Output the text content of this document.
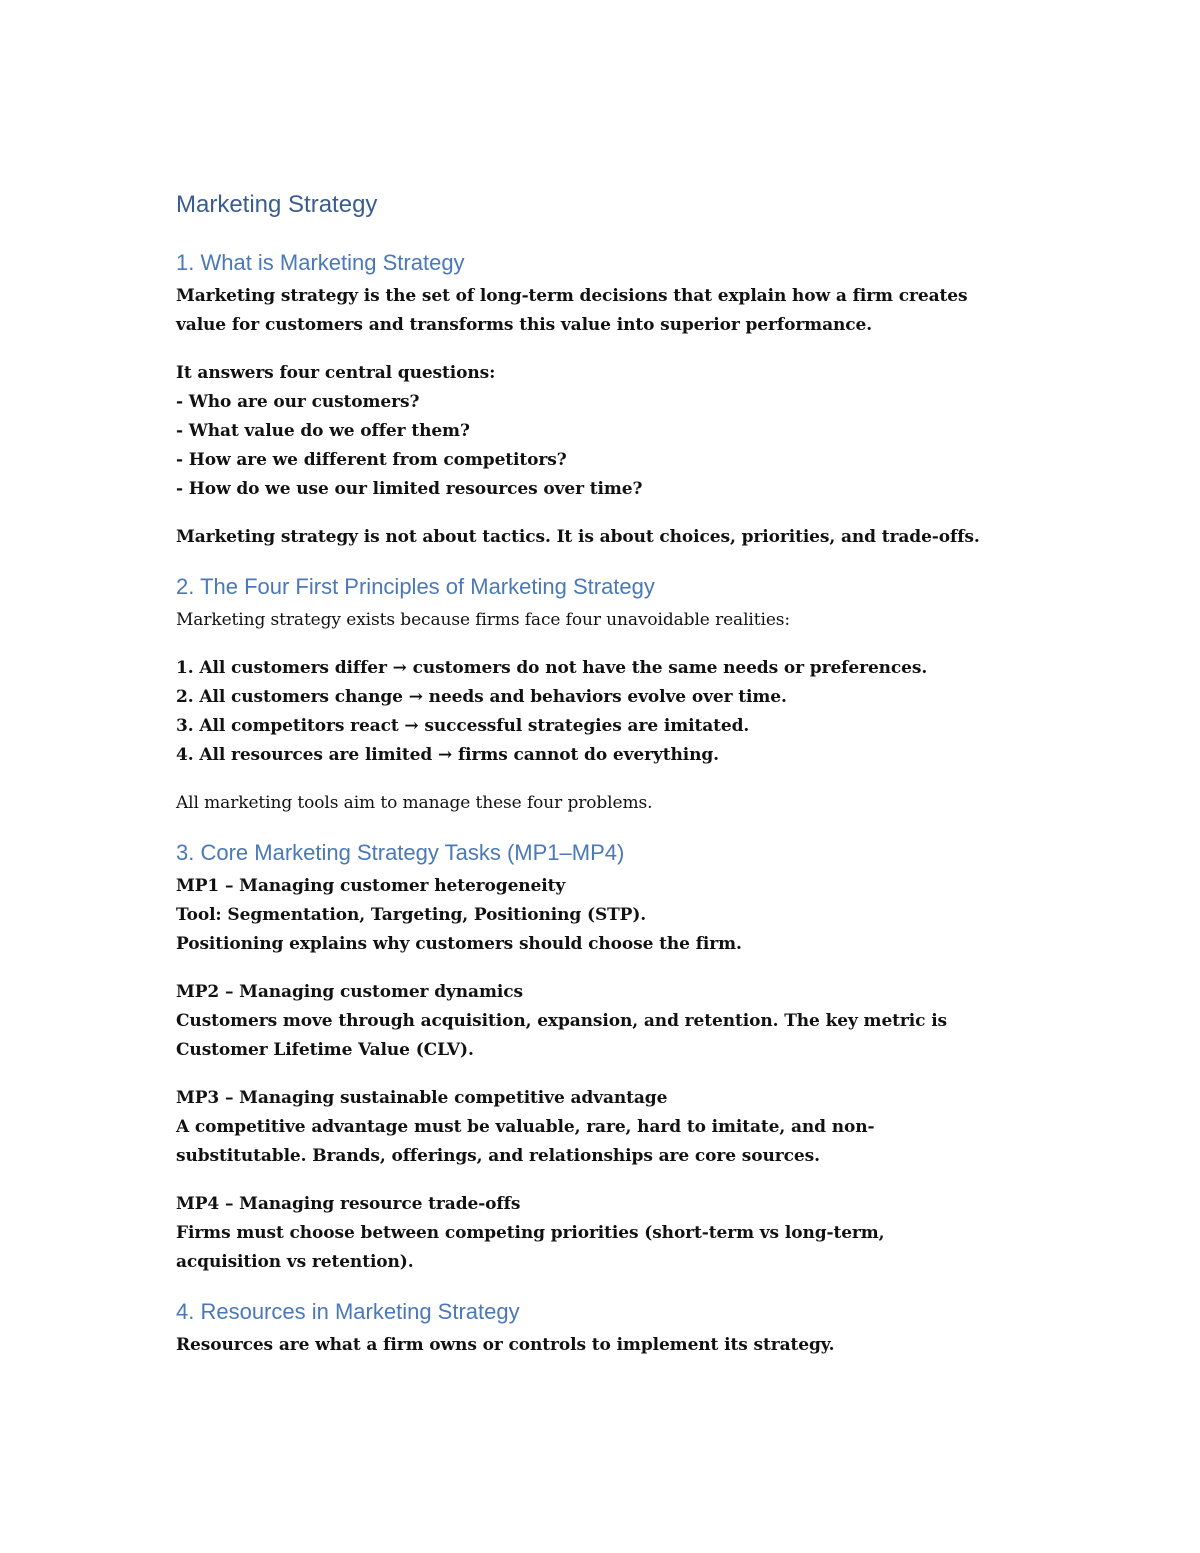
Marketing Strategy
1. What is Marketing Strategy
Marketing strategy is the set of long-term decisions that explain how a firm creates
value for customers and transforms this value into superior performance.
It answers four central questions:
- Who are our customers?
- What value do we offer them?
- How are we different from competitors?
- How do we use our limited resources over time?
Marketing strategy is not about tactics. It is about choices, priorities, and trade-offs.
2. The Four First Principles of Marketing Strategy
Marketing strategy exists because firms face four unavoidable realities:
1. All customers differ → customers do not have the same needs or preferences.
2. All customers change → needs and behaviors evolve over time.
3. All competitors react → successful strategies are imitated.
4. All resources are limited → firms cannot do everything.
All marketing tools aim to manage these four problems.
3. Core Marketing Strategy Tasks (MP1–MP4)
MP1 – Managing customer heterogeneity
Tool: Segmentation, Targeting, Positioning (STP).
Positioning explains why customers should choose the firm.
MP2 – Managing customer dynamics
Customers move through acquisition, expansion, and retention. The key metric is
Customer Lifetime Value (CLV).
MP3 – Managing sustainable competitive advantage
A competitive advantage must be valuable, rare, hard to imitate, and non-
substitutable. Brands, offerings, and relationships are core sources.
MP4 – Managing resource trade-offs
Firms must choose between competing priorities (short-term vs long-term,
acquisition vs retention).
4. Resources in Marketing Strategy
Resources are what a firm owns or controls to implement its strategy.
